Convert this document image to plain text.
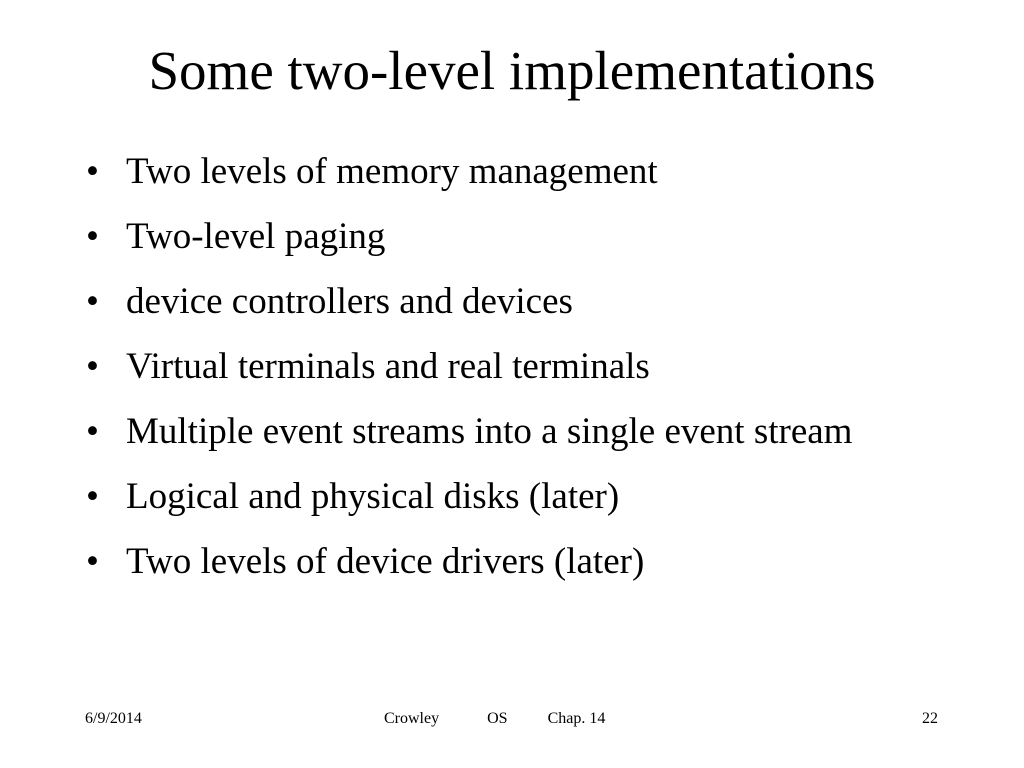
Some two-level implementations
• Two levels of memory management
• Two-level paging
• device controllers and devices
• Virtual terminals and real terminals
• Multiple event streams into a single event stream
• Logical and physical disks (later)
• Two levels of device drivers (later)
6/9/2014	Crowley	OS	Chap. 14	22
